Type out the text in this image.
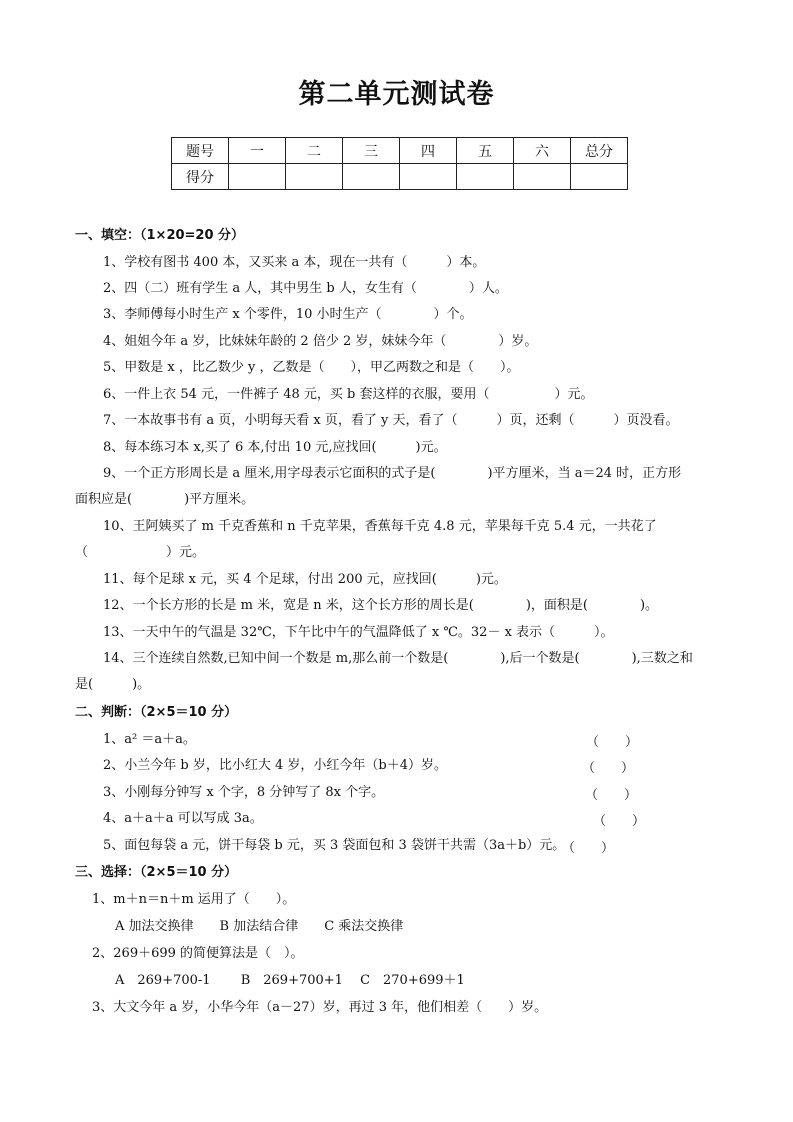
第二单元测试卷
题号	一	二	三	四	五	六	总分
得分							
一、填空：（1×20=20 分）
1、学校有图书 400 本，又买来 a 本，现在一共有（　　　）本。
2、四（二）班有学生 a 人，其中男生 b 人，女生有（　　　　）人。
3、李师傅每小时生产 x 个零件，10 小时生产（　　　　）个。
4、姐姐今年 a 岁，比妹妹年龄的 2 倍少 2 岁，妹妹今年（　　　　）岁。
5、甲数是 x ，比乙数少 y ，乙数是（　　），甲乙两数之和是（　　）。
6、一件上衣 54 元，一件裤子 48 元，买 b 套这样的衣服，要用（　　　　　）元。
7、一本故事书有 a 页，小明每天看 x 页，看了 y 天，看了（　　　）页，还剩（　　　）页没看。
8、每本练习本 x,买了 6 本,付出 10 元,应找回(　　　)元。
9、一个正方形周长是 a 厘米,用字母表示它面积的式子是(　　　　)平方厘米，当 a＝24 时，正方形
面积应是(　　　　)平方厘米。
10、王阿姨买了 m 千克香蕉和 n 千克苹果，香蕉每千克 4.8 元，苹果每千克 5.4 元，一共花了
（　　　　　　）元。
11、每个足球 x 元，买 4 个足球，付出 200 元，应找回(　　　)元。
12、一个长方形的长是 m 米，宽是 n 米，这个长方形的周长是(　　　　)，面积是(　　　　)。
13、一天中午的气温是 32℃，下午比中午的气温降低了 x ℃。32－ x 表示（　　　）。
14、三个连续自然数,已知中间一个数是 m,那么前一个数是(　　　　),后一个数是(　　　　),三数之和
是(　　　)。
二、判断：（2×5＝10 分）
1、a² ＝a＋a。	（　　）
2、小兰今年 b 岁，比小红大 4 岁，小红今年（b＋4）岁。	（　　）
3、小刚每分钟写 x 个字，8 分钟写了 8x 个字。	（　　）
4、a＋a＋a 可以写成 3a。	（　　）
5、面包每袋 a 元，饼干每袋 b 元，买 3 袋面包和 3 袋饼干共需（3a＋b）元。
（　　）
三、选择：（2×5＝10 分）
1、m＋n＝n＋m 运用了（　　）。
A 加法交换律　　B 加法结合律　　C 乘法交换律
2、269＋699 的简便算法是（　）。
A　269+700-1　　 B　269+700+1　 C　270+699＋1
3、大文今年 a 岁，小华今年（a－27）岁，再过 3 年，他们相差（　　）岁。
